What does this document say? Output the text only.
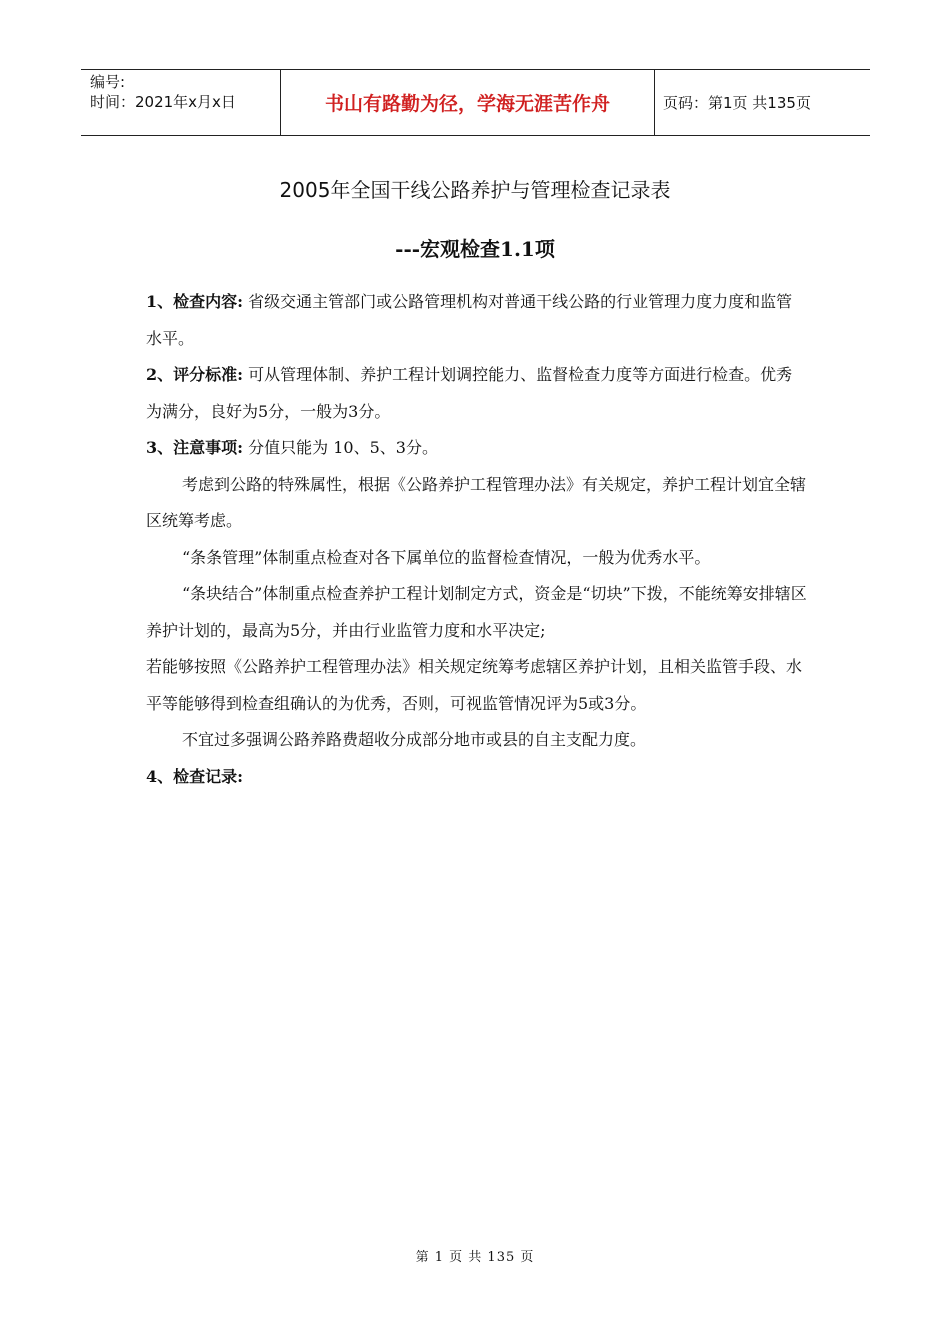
编号:
时间：2021年x月x日	书山有路勤为径，学海无涯苦作舟	页码：第1页 共135页
2005年全国干线公路养护与管理检查记录表
---宏观检查1.1项

1、检查内容: 省级交通主管部门或公路管理机构对普通干线公路的行业管理力度力度和监管水平。

2、评分标准: 可从管理体制、养护工程计划调控能力、监督检查力度等方面进行检查。优秀为满分，良好为5分，一般为3分。

3、注意事项: 分值只能为 10、5、3分。

考虑到公路的特殊属性，根据《公路养护工程管理办法》有关规定，养护工程计划宜全辖区统筹考虑。

“条条管理”体制重点检查对各下属单位的监督检查情况，一般为优秀水平。

“条块结合”体制重点检查养护工程计划制定方式，资金是“切块”下拨，不能统筹安排辖区养护计划的，最高为5分，并由行业监管力度和水平决定;

若能够按照《公路养护工程管理办法》相关规定统筹考虑辖区养护计划，且相关监管手段、水平等能够得到检查组确认的为优秀，否则，可视监管情况评为5或3分。

不宜过多强调公路养路费超收分成部分地市或县的自主支配力度。

4、检查记录:

第 1 页 共 135 页
